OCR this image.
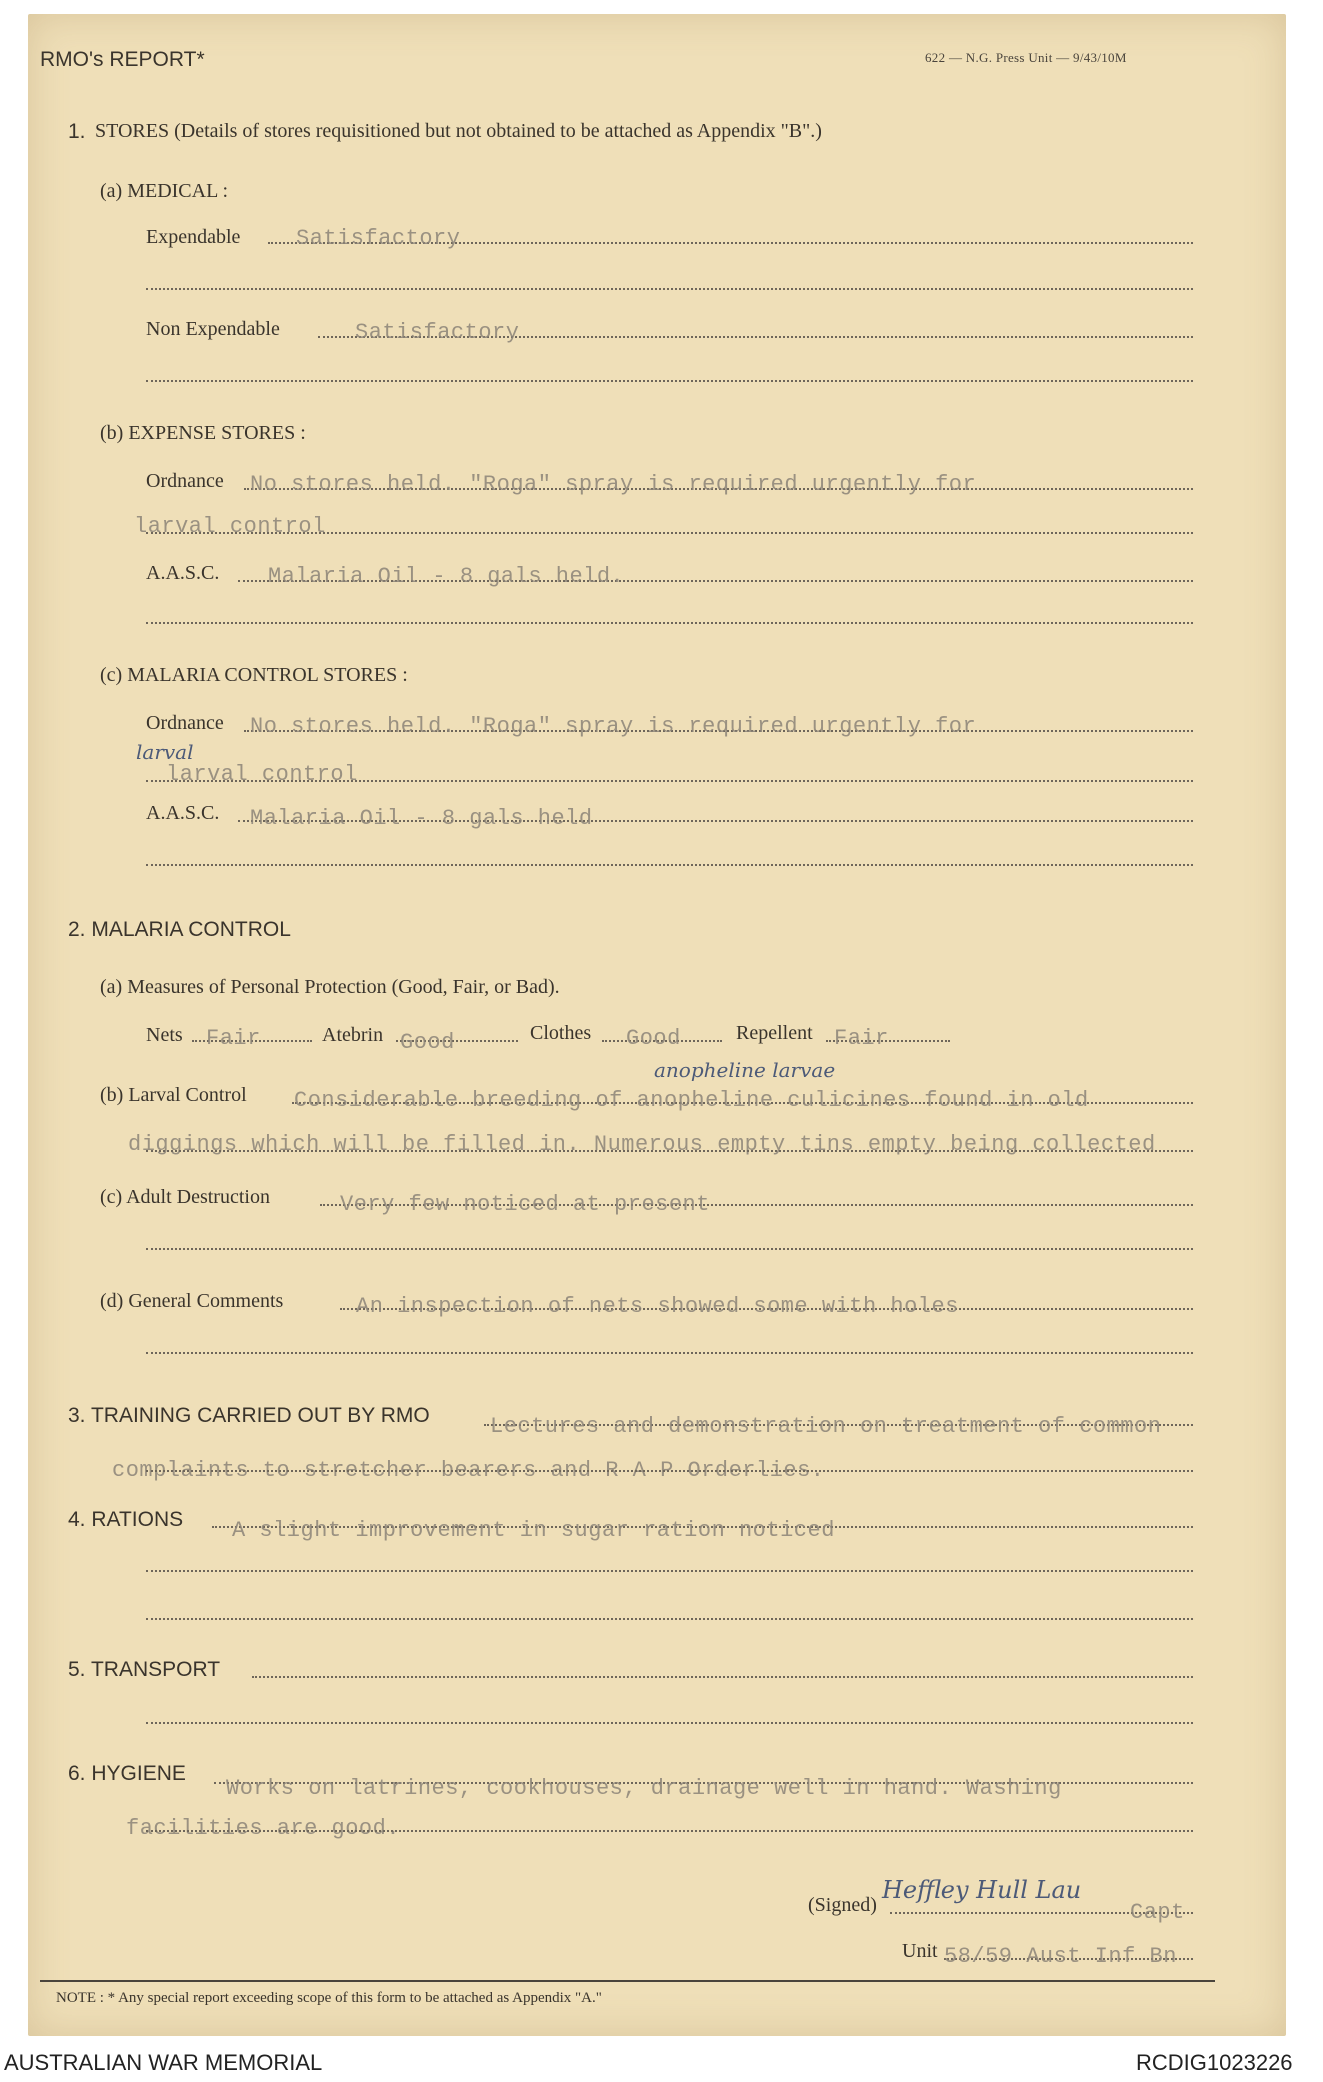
RMO's REPORT*	622 — N.G. Press Unit — 9/43/10M
1. STORES (Details of stores requisitioned but not obtained to be attached as Appendix "B".)
(a) MEDICAL :
Expendable	Satisfactory
Non Expendable	Satisfactory
(b) EXPENSE STORES :
Ordnance No stores held. "Roga" spray is required urgently for
larval control
A.A.S.C. Malaria Oil - 8 gals held.
(c) MALARIA CONTROL STORES :
Ordnance No stores held. "Roga" spray is required urgently for
larval
larval control
A.A.S.C. Malaria Oil - 8 gals held
2. MALARIA CONTROL
(a) Measures of Personal Protection (Good, Fair, or Bad).
Nets Fair	Atebrin Good	Clothes Good	Repellent Fair
(b) Larval Control
anopheline larvae
Considerable breeding of anopheline culicines found in old
diggings which will be filled in. Numerous empty tins empty being collected
(c) Adult Destruction	Very few noticed at present
(d) General Comments	An inspection of nets showed some with holes
3. TRAINING CARRIED OUT BY RMO	Lectures and demonstration on treatment of common
complaints to stretcher bearers and R A P Orderlies.
4. RATIONS A slight improvement in sugar ration noticed
5. TRANSPORT
6. HYGIENE
Works on latrines, cookhouses, drainage well in hand. Washing
facilities are good.
(Signed)
Heffley Hull Lau
Capt
Unit 58/59 Aust Inf Bn
NOTE : * Any special report exceeding scope of this form to be attached as Appendix "A."
AUSTRALIAN WAR MEMORIAL	RCDIG1023226
